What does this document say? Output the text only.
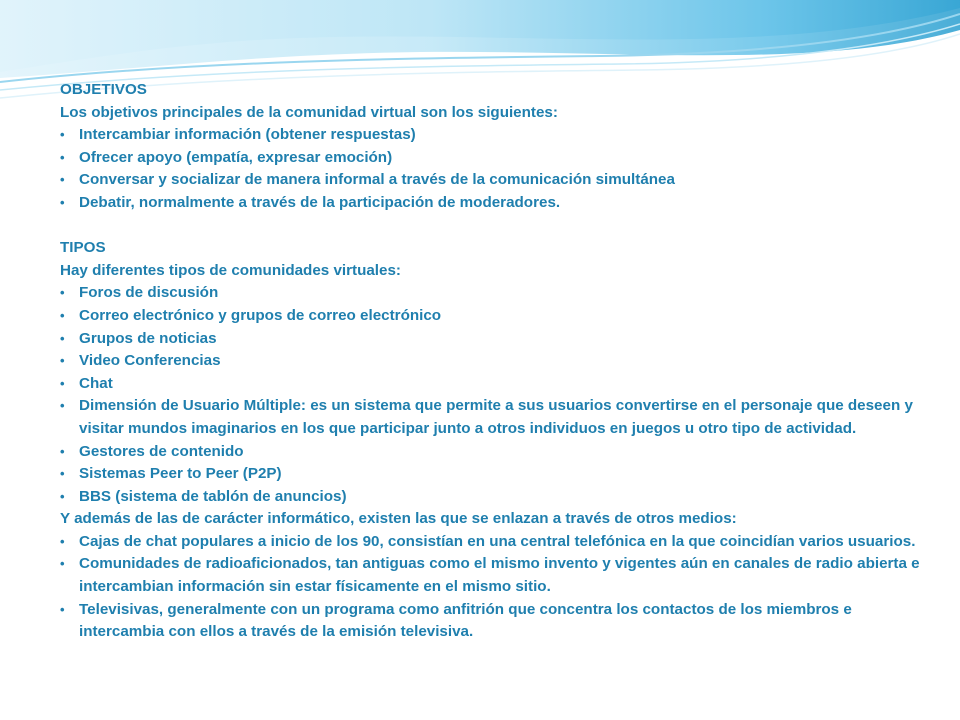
OBJETIVOS
Los objetivos principales de la comunidad virtual son los siguientes:
• Intercambiar información (obtener respuestas)
• Ofrecer apoyo (empatía, expresar emoción)
• Conversar y socializar de manera informal a través de la comunicación simultánea
• Debatir, normalmente a través de la participación de moderadores.
TIPOS
Hay diferentes tipos de comunidades virtuales:
• Foros de discusión
• Correo electrónico y grupos de correo electrónico
• Grupos de noticias
• Video Conferencias
• Chat
• Dimensión de Usuario Múltiple: es un sistema que permite a sus usuarios convertirse en el personaje que deseen y visitar mundos imaginarios en los que participar junto a otros individuos en juegos u otro tipo de actividad.
• Gestores de contenido
• Sistemas Peer to Peer (P2P)
• BBS (sistema de tablón de anuncios)
Y además de las de carácter informático, existen las que se enlazan a través de otros medios:
• Cajas de chat populares a inicio de los 90, consistían en una central telefónica en la que coincidían varios usuarios.
• Comunidades de radioaficionados, tan antiguas como el mismo invento y vigentes aún en canales de radio abierta e intercambian información sin estar físicamente en el mismo sitio.
• Televisivas, generalmente con un programa como anfitrión que concentra los contactos de los miembros e intercambia con ellos a través de la emisión televisiva.
